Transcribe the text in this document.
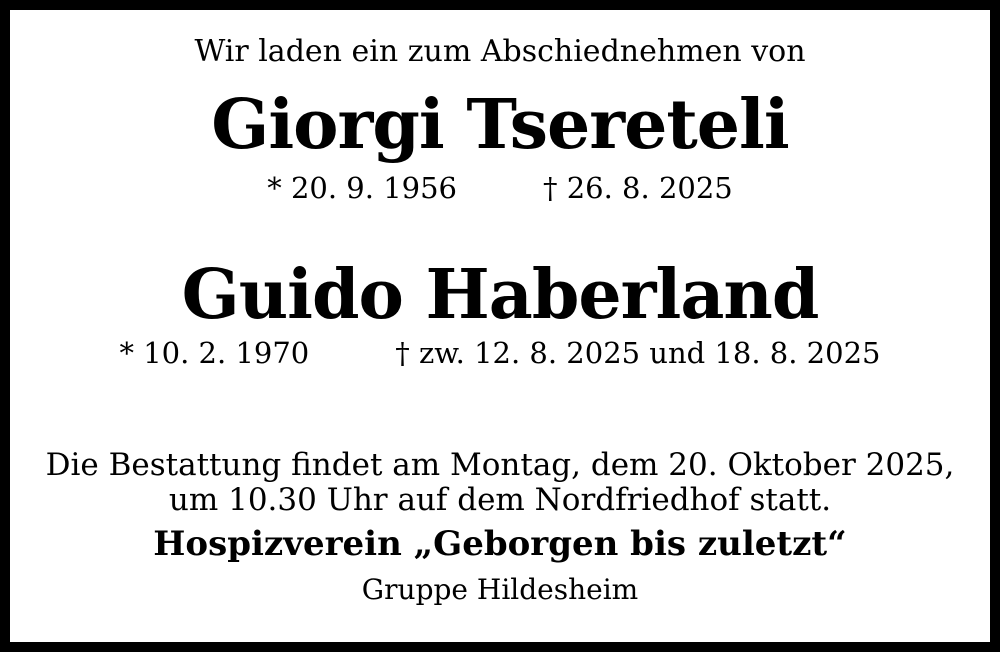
Wir laden ein zum Abschiednehmen von

Giorgi Tsereteli
* 20. 9. 1956	† 26. 8. 2025
Guido Haberland
* 10. 2. 1970	† zw. 12. 8. 2025 und 18. 8. 2025

Die Bestattung findet am Montag, dem 20. Oktober 2025,
um 10.30 Uhr auf dem Nordfriedhof statt.

Hospizverein „Geborgen bis zuletzt“

Gruppe Hildesheim
